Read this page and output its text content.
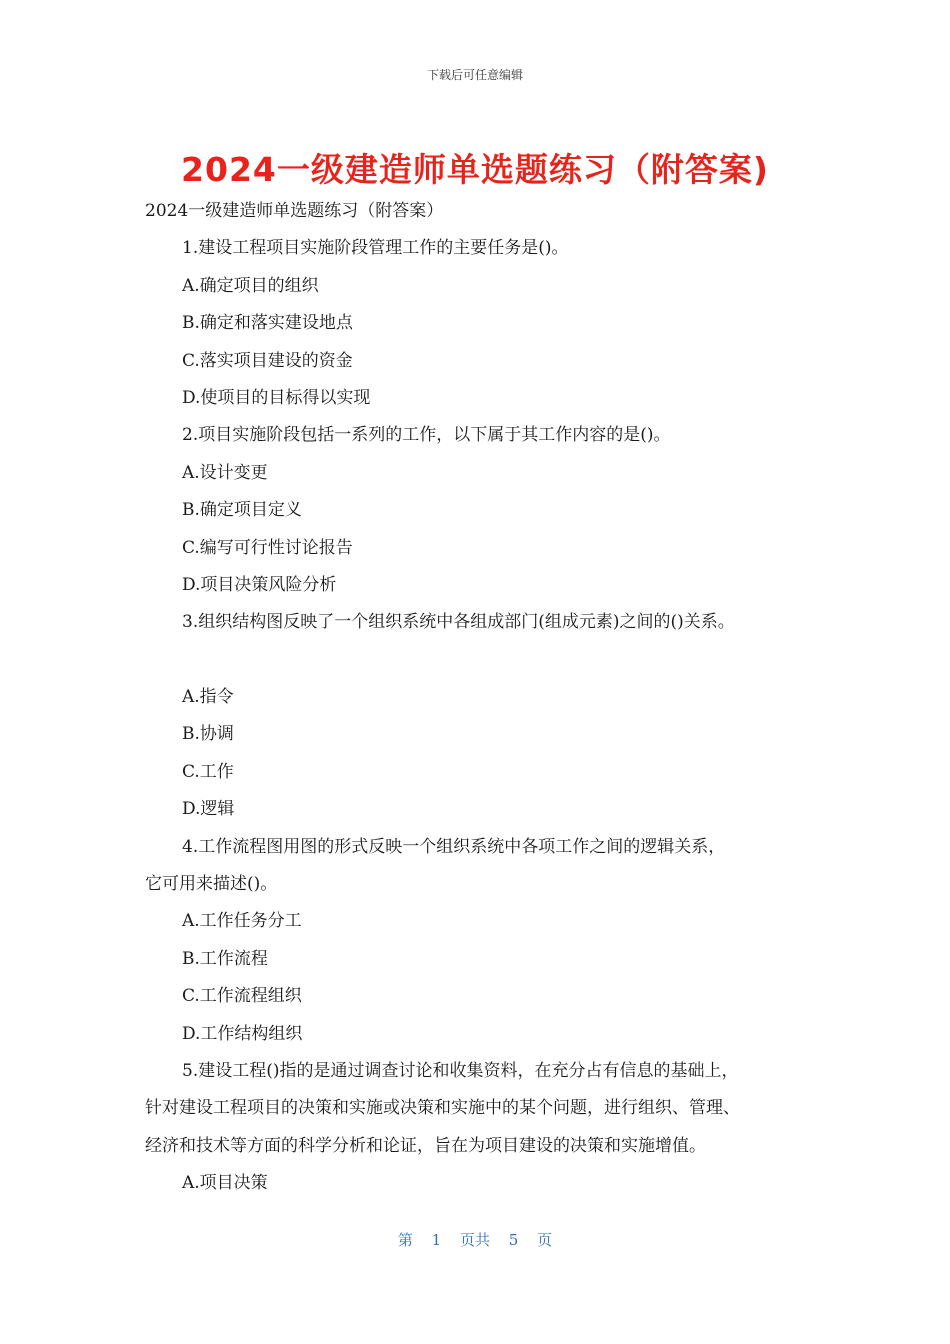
下载后可任意编辑
2024一级建造师单选题练习（附答案)
2024一级建造师单选题练习（附答案）
1.建设工程项目实施阶段管理工作的主要任务是()。
A.确定项目的组织
B.确定和落实建设地点
C.落实项目建设的资金
D.使项目的目标得以实现
2.项目实施阶段包括一系列的工作，以下属于其工作内容的是()。
A.设计变更
B.确定项目定义
C.编写可行性讨论报告
D.项目决策风险分析
3.组织结构图反映了一个组织系统中各组成部门(组成元素)之间的()关系。
A.指令
B.协调
C.工作
D.逻辑
4.工作流程图用图的形式反映一个组织系统中各项工作之间的逻辑关系，
它可用来描述()。
A.工作任务分工
B.工作流程
C.工作流程组织
D.工作结构组织
5.建设工程()指的是通过调查讨论和收集资料，在充分占有信息的基础上，
针对建设工程项目的决策和实施或决策和实施中的某个问题，进行组织、管理、
经济和技术等方面的科学分析和论证，旨在为项目建设的决策和实施增值。
A.项目决策
第 1 页共 5 页
